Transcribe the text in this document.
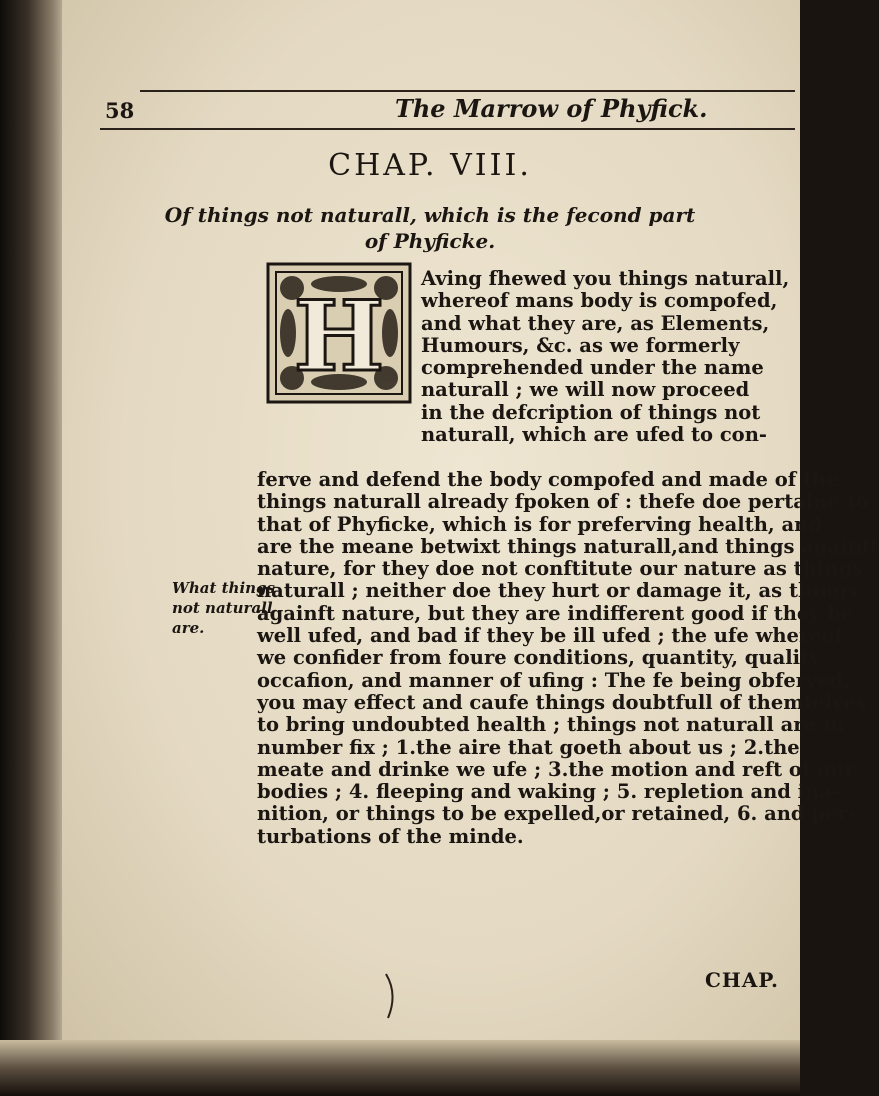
58	The Marrow of Phyfick.
CHAP. VIII.
Of things not naturall, which is the fecond part
of Phyficke.
H
Aving fhewed you things naturall,
whereof mans body is compofed,
and what they are, as Elements,
Humours, &c. as we formerly
comprehended under the name
naturall ; we will now proceed
in the defcription of things not
naturall, which are ufed to con-
ferve and defend the body compofed and made of the
things naturall already fpoken of : thefe doe pertaine to
that of Phyficke, which is for preferving health, and
are the meane betwixt things naturall,and things againft
nature, for they doe not conftitute our nature as things
naturall ; neither doe they hurt or damage it, as things
againft nature, but they are indifferent good if they be
well ufed, and bad if they be ill ufed ; the ufe whereof
we confider from foure conditions, quantity, quality,
occafion, and manner of ufing : The fe being obferved,
you may effect and caufe things doubtfull of themfelves
to bring undoubted health ; things not naturall are in
number fix ; 1.the aire that goeth about us ; 2.the
meate and drinke we ufe ; 3.the motion and reft of our
bodies ; 4. fleeping and waking ; 5. repletion and ina-
nition, or things to be expelled,or retained, 6. and per-
turbations of the minde.
What things
not naturall
are.
CHAP.
